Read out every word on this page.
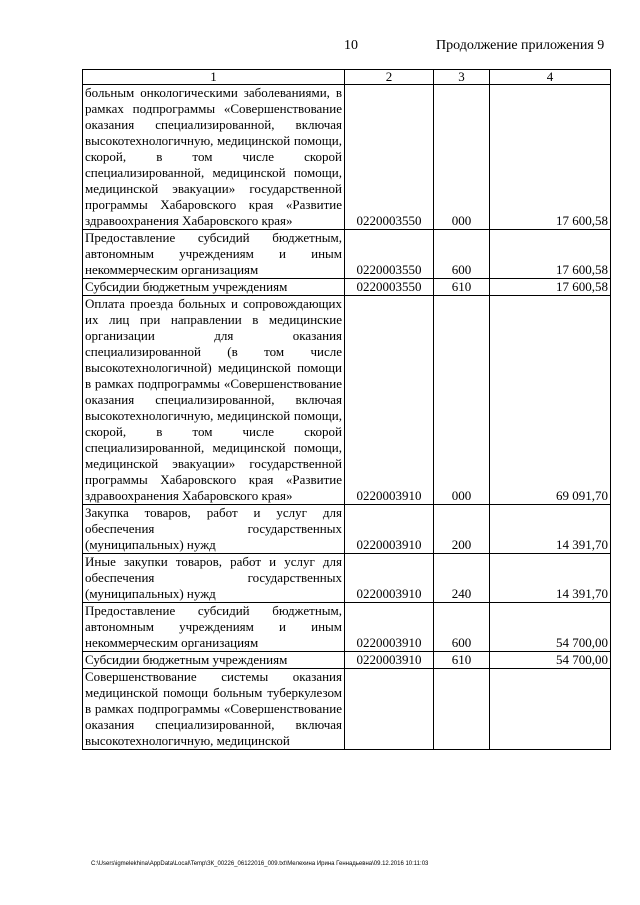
10	Продолжение приложения 9
1	2	3	4
больным онкологическими заболеваниями, в рамках подпрограммы «Совершенствование оказания специализированной, включая высокотехнологичную, медицинской помощи, скорой, в том числе скорой специализированной, медицинской помощи, медицинской эвакуации» государственной программы Хабаровского края «Развитие здравоохранения Хабаровского края»	0220003550	000	17 600,58
Предоставление субсидий бюджетным, автономным учреждениям и иным некоммерческим организациям	0220003550	600	17 600,58
Субсидии бюджетным учреждениям	0220003550	610	17 600,58
Оплата проезда больных и сопровождающих их лиц при направлении в медицинские организации для оказания специализированной (в том числе высокотехнологичной) медицинской помощи в рамках подпрограммы «Совершенствование оказания специализированной, включая высокотехнологичную, медицинской помощи, скорой, в том числе скорой специализированной, медицинской помощи, медицинской эвакуации» государственной программы Хабаровского края «Развитие здравоохранения Хабаровского края»	0220003910	000	69 091,70
Закупка товаров, работ и услуг для обеспечения государственных (муниципальных) нужд	0220003910	200	14 391,70
Иные закупки товаров, работ и услуг для обеспечения государственных (муниципальных) нужд	0220003910	240	14 391,70
Предоставление субсидий бюджетным, автономным учреждениям и иным некоммерческим организациям	0220003910	600	54 700,00
Субсидии бюджетным учреждениям	0220003910	610	54 700,00
Совершенствование системы оказания медицинской помощи больным туберкулезом в рамках подпрограммы «Совершенствование оказания специализированной, включая высокотехнологичную, медицинской			
C:\Users\igmelekhina\AppData\Local\Temp\ЗК_00226_06122016_009.txt\Мелехина Ирина Геннадьевна\09.12.2016 10:11:03
